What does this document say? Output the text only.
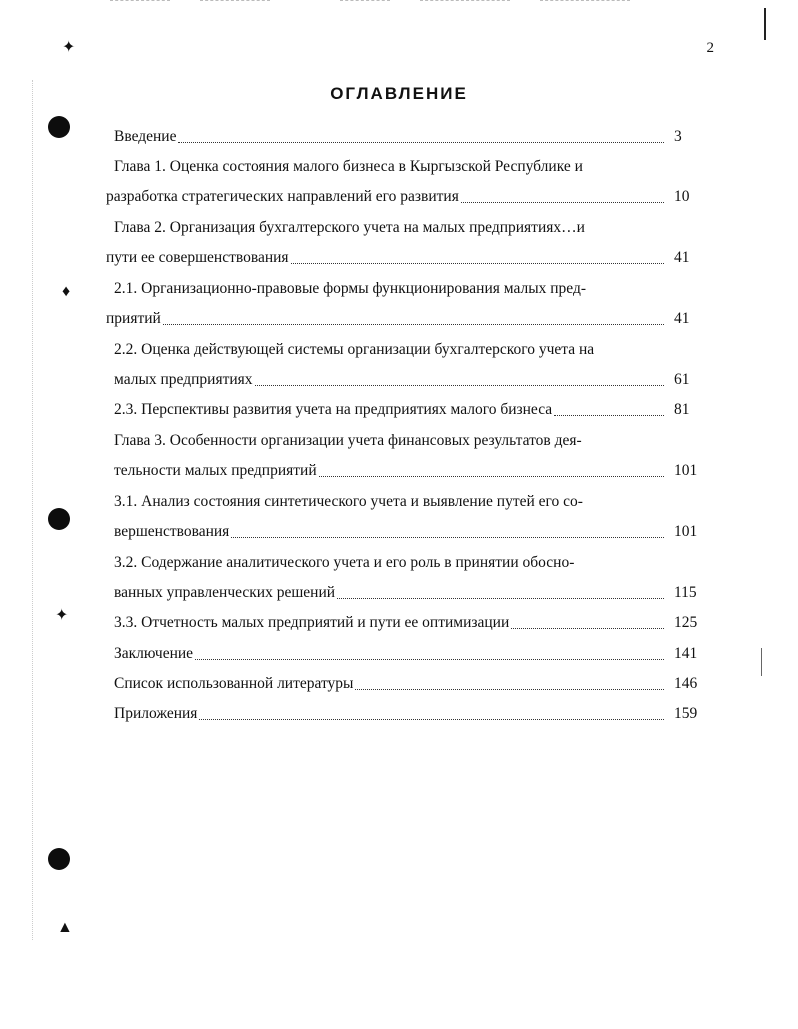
✦
♦
✦
▲
2
ОГЛАВЛЕНИЕ
Введение	3
Глава 1. Оценка состояния малого бизнеса в Кыргызской Республике и
разработка стратегических направлений его развития	10
Глава 2. Организация бухгалтерского учета на малых предприятиях…и
пути ее совершенствования	41
2.1. Организационно-правовые формы функционирования малых пред-
приятий	41
2.2. Оценка действующей системы организации бухгалтерского учета на
малых предприятиях	61
2.3. Перспективы развития учета на предприятиях малого бизнеса	81
Глава 3. Особенности организации учета финансовых результатов дея-
тельности малых предприятий	101
3.1. Анализ состояния синтетического учета и выявление путей его со-
вершенствования	101
3.2. Содержание аналитического учета и его роль в принятии обосно-
ванных управленческих решений	115
3.3. Отчетность малых предприятий и пути ее оптимизации	125
Заключение	141
Список использованной литературы	146
Приложения	159
